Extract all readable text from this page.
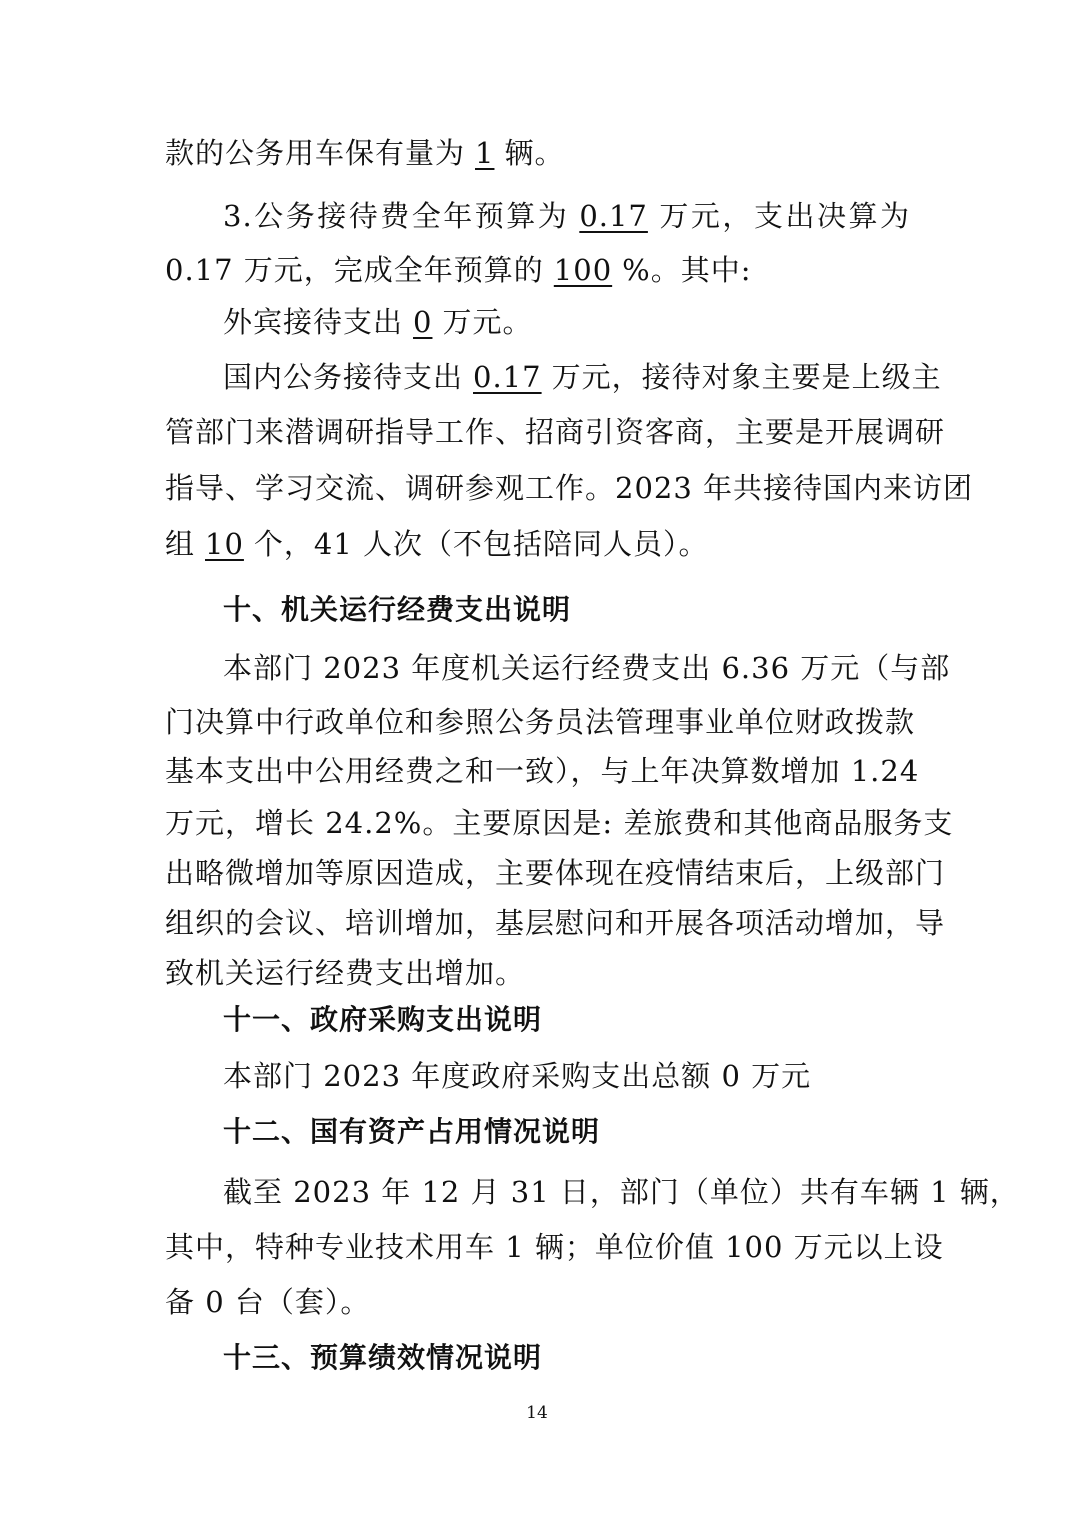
款的公务用车保有量为 1 辆。
3.公务接待费全年预算为 0.17 万元，支出决算为
0.17 万元，完成全年预算的 100 %。其中:
外宾接待支出 0 万元。
国内公务接待支出 0.17 万元，接待对象主要是上级主
管部门来潜调研指导工作、招商引资客商，主要是开展调研
指导、学习交流、调研参观工作。2023 年共接待国内来访团
组 10 个，41 人次（不包括陪同人员）。
十、机关运行经费支出说明
本部门 2023 年度机关运行经费支出 6.36 万元（与部
门决算中行政单位和参照公务员法管理事业单位财政拨款
基本支出中公用经费之和一致），与上年决算数增加 1.24
万元，增长 24.2%。主要原因是: 差旅费和其他商品服务支
出略微增加等原因造成，主要体现在疫情结束后，上级部门
组织的会议、培训增加，基层慰问和开展各项活动增加，导
致机关运行经费支出增加。
十一、政府采购支出说明
本部门 2023 年度政府采购支出总额 0 万元
十二、国有资产占用情况说明
截至 2023 年 12 月 31 日，部门（单位）共有车辆 1 辆，
其中，特种专业技术用车 1 辆；单位价值 100 万元以上设
备 0 台（套）。
十三、预算绩效情况说明
14
